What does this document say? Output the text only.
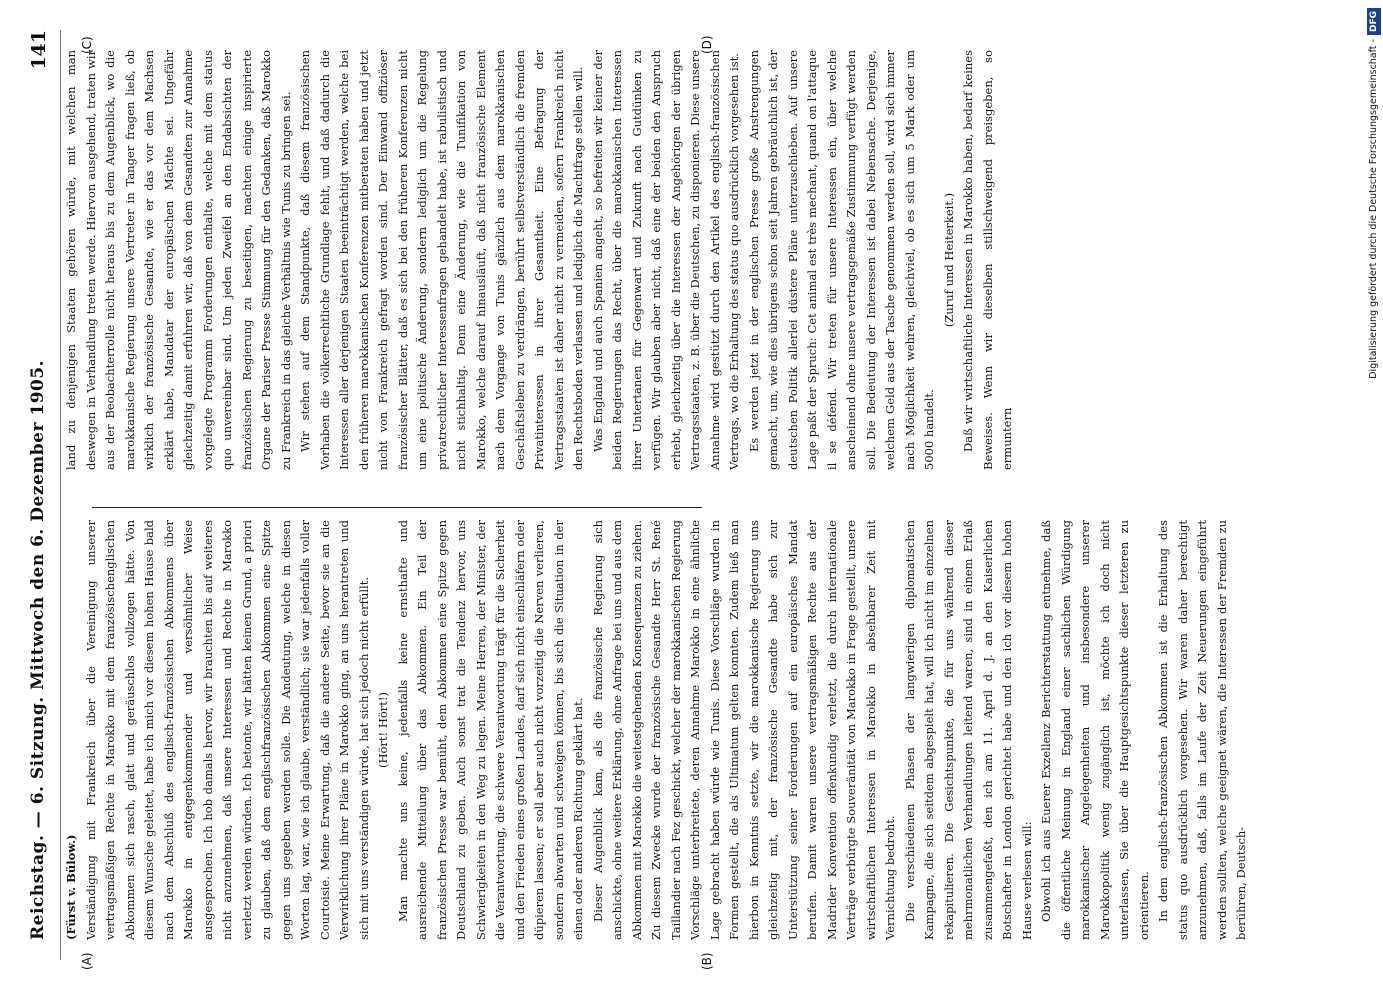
Reichstag. — 6. Sitzung. Mittwoch den 6. Dezember 1905.
141
(A)	(B)
(C)	(D)

(Fürst v. Bülow.) Verständigung mit Frankreich über die Vereinigung unserer vertragsmäßigen Rechte in Marokko mit dem französischenglischen Abkommen sich rasch, glatt und geräuschlos vollzogen hätte. Von diesem Wunsche geleitet, habe ich mich vor diesem hohen Hause bald nach dem Abschluß des englisch-französischen Abkommens über Marokko in entgegenkommender und versöhnlicher Weise ausgesprochen. Ich hob damals hervor, wir brauchten bis auf weiteres nicht anzunehmen, daß unsere Interessen und Rechte in Marokko verletzt werden würden. Ich betonte, wir hätten keinen Grund, a priori zu glauben, daß dem englischfranzösischen Abkommen eine Spitze gegen uns gegeben werden solle. Die Andeutung, welche in diesen Worten lag, war, wie ich glaube, verständlich; sie war jedenfalls voller Courtoisie. Meine Erwartung, daß die andere Seite, bevor sie an die Verwirklichung ihrer Pläne in Marokko ging, an uns herantreten und sich mit uns verständigen würde, hat sich jedoch nicht erfüllt. (Hört! Hört!) Man machte uns keine, jedenfalls keine ernsthafte und ausreichende Mitteilung über das Abkommen. Ein Teil der französischen Presse war bemüht, dem Abkommen eine Spitze gegen Deutschland zu geben. Auch sonst trat die Tendenz hervor, uns Schwierigkeiten in den Weg zu legen. Meine Herren, der Minister, der die Verantwortung, die schwere Verantwortung trägt für die Sicherheit und den Frieden eines großen Landes, darf sich nicht einschläfern oder düpieren lassen; er soll aber auch nicht vorzeitig die Nerven verlieren, sondern abwarten und schweigen können, bis sich die Situation in der einen oder anderen Richtung geklärt hat. Dieser Augenblick kam, als die französische Regierung sich anschickte, ohne weitere Erklärung, ohne Anfrage bei uns und aus dem Abkommen mit Marokko die weitestgehenden Konsequenzen zu ziehen. Zu diesem Zwecke wurde der französische Gesandte Herr St. René Taillandier nach Fez geschickt, welcher der marokkanischen Regierung Vorschläge unterbreitete, deren Annahme Marokko in eine ähnliche Lage gebracht haben würde wie Tunis. Diese Vorschläge wurden in Formen gestellt, die als Ultimatum gelten konnten. Zudem ließ man hierbon in Kenntnis setzte, wir die marokkanische Regierung uns gleichzeitig mit, der französische Gesandte habe sich zur Unterstützung seiner Forderungen auf ein europäisches Mandat berufen. Damit waren unsere vertragsmäßigen Rechte aus der Madrider Konvention offenkundig verletzt, die durch internationale Verträge verbürgte Souveränität von Marokko in Frage gestellt, unsere wirtschaftlichen Interessen in Marokko in absehbarer Zeit mit Vernichtung bedroht. Die verschiedenen Phasen der langwierigen diplomatischen Kampagne, die sich seitdem abgespielt hat, will ich nicht im einzelnen rekapitulieren. Die Gesichtspunkte, die für uns während dieser mehrmonatlichen Verhandlungen leitend waren, sind in einem Erlaß zusammengefaßt, den ich am 11. April d. J. an den Kaiserlichen Botschafter in London gerichtet habe und den ich vor diesem hohen Hause verlesen will: Obwohl ich aus Euerer Exzellenz Berichterstattung entnehme, daß die öffentliche Meinung in England einer sachlichen Würdigung marokkanischer Angelegenheiten und insbesondere unserer Marokkopolitik wenig zugänglich ist, möchte ich doch nicht unterlassen, Sie über die Hauptgesichtspunkte dieser letzteren zu orientieren. In dem englisch-französischen Abkommen ist die Erhaltung des status quo ausdrücklich vorgesehen. Wir waren daher berechtigt anzunehmen, daß, falls im Laufe der Zeit Neuerungen eingeführt werden sollten, welche geeignet wären, die Interessen der Fremden zu berühren, Deutsch-

land zu denjenigen Staaten gehören würde, mit welchen man deswegen in Verhandlung treten werde. Hiervon ausgehend, traten wir aus der Beobachterrolle nicht heraus bis zu dem Augenblick, wo die marokkanische Regierung unsere Vertreter in Tanger fragen ließ, ob wirklich der französische Gesandte, wie er das vor dem Machsen erklärt habe, Mandatar der europäischen Mächte sei. Ungefähr gleichzeitig damit erfuhren wir, daß von dem Gesandten zur Annahme vorgelegte Programm Forderungen enthalte, welche mit dem status quo unvereinbar sind. Um jeden Zweifel an den Endabsichten der französischen Regierung zu beseitigen, machten einige inspirierte Organe der Pariser Presse Stimmung für den Gedanken, daß Marokko zu Frankreich in das gleiche Verhältnis wie Tunis zu bringen sei. Wir stehen auf dem Standpunkte, daß diesem französischen Vorhaben die völkerrechtliche Grundlage fehlt, und daß dadurch die Interessen aller derjenigen Staaten beeinträchtigt werden, welche bei den früheren marokkanischen Konferenzen mitberaten haben und jetzt nicht von Frankreich gefragt worden sind. Der Einwand offiziöser französischer Blätter, daß es sich bei den früheren Konferenzen nicht um eine politische Änderung, sondern lediglich um die Regelung privatrechtlicher Interessenfragen gehandelt habe, ist rabulistisch und nicht stichhaltig. Denn eine Änderung, wie die Tunifikation von Marokko, welche darauf hinausläuft, daß nicht französische Element nach dem Vorgange von Tunis gänzlich aus dem marokkanischen Geschäftsleben zu verdrängen, berührt selbstverständlich die fremden Privatinteressen in ihrer Gesamtheit. Eine Befragung der Vertragsstaaten ist daher nicht zu vermeiden, sofern Frankreich nicht den Rechtsboden verlassen und lediglich die Machtfrage stellen will. Was England und auch Spanien angeht, so befreiten wir keiner der beiden Regierungen das Recht, über die marokkanischen Interessen ihrer Untertanen für Gegenwart und Zukunft nach Gutdünken zu verfügen. Wir glauben aber nicht, daß eine der beiden den Anspruch erhebt, gleichzeitig über die Interessen der Angehörigen der übrigen Vertragsstaaten, z. B. über die Deutschen, zu disponieren. Diese unsere Annahme wird gestützt durch den Artikel des englisch-französischen Vertrags, wo die Erhaltung des status quo ausdrücklich vorgesehen ist. Es werden jetzt in der englischen Presse große Anstrengungen gemacht, um, wie dies übrigens schon seit Jahren gebräuchlich ist, der deutschen Politik allerlei düstere Pläne unterzuschieben. Auf unsere Lage paßt der Spruch: Cet animal est très mechant, quand on l'attaque il se défend. Wir treten für unsere Interessen ein, über welche anscheinend ohne unsere vertragsgemäße Zustimmung verfügt werden soll. Die Bedeutung der Interessen ist dabei Nebensache. Derjenige, welchem Geld aus der Tasche genommen werden soll, wird sich immer nach Möglichkeit wehren, gleichviel, ob es sich um 5 Mark oder um 5000 handelt.

(Zuruf und Heiterkeit.) Daß wir wirtschaftliche Interessen in Marokko haben, bedarf keines Beweises. Wenn wir dieselben stillschweigend preisgeben, so ermuntern

Digitalisierung gefördert durch die Deutsche Forschungsgemeinschaft -DFG
